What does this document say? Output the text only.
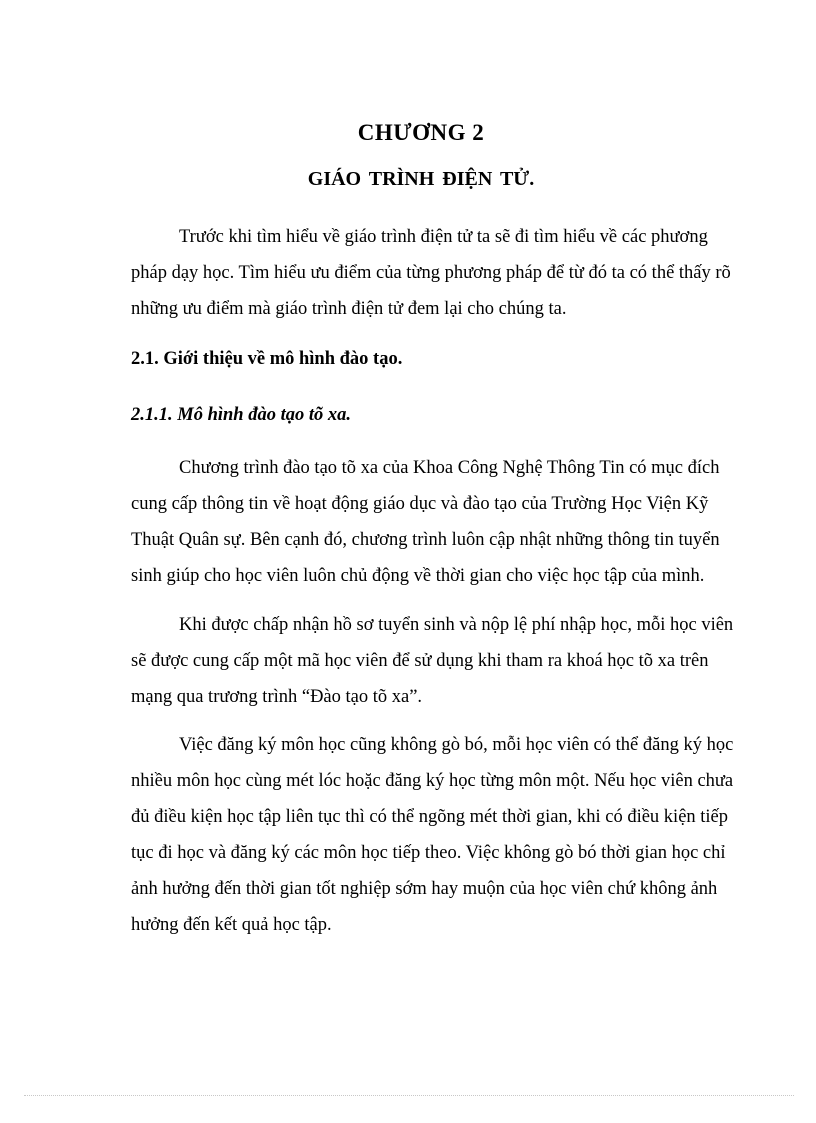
CHƯƠNG 2
GIÁO TRÌNH ĐIỆN TỬ.

Trước khi tìm hiểu về giáo trình điện tử ta sẽ đi tìm hiểu về các phương pháp dạy học. Tìm hiểu ưu điểm của từng phương pháp để từ đó ta có thể thấy rõ những ưu điểm mà giáo trình điện tử đem lại cho chúng ta.

2.1. Giới thiệu về mô hình đào tạo.

2.1.1. Mô hình đào tạo tõ xa.

Chương trình đào tạo tõ xa của Khoa Công Nghệ Thông Tin có mục đích cung cấp thông tin về hoạt động giáo dục và đào tạo của Trường Học Viện Kỹ Thuật Quân sự. Bên cạnh đó, chương trình luôn cập nhật những thông tin tuyển sinh giúp cho học viên luôn chủ động về thời gian cho việc học tập của mình.

Khi được chấp nhận hồ sơ tuyển sinh và nộp lệ phí nhập học, mỗi học viên sẽ được cung cấp một mã học viên để sử dụng khi tham ra khoá học tõ xa trên mạng qua trương trình “Đào tạo tõ xa”.

Việc đăng ký môn học cũng không gò bó, mỗi học viên có thể đăng ký học nhiều môn học cùng mét lóc hoặc đăng ký học từng môn một. Nếu học viên chưa đủ điều kiện học tập liên tục thì có thể ngõng mét thời gian, khi có điều kiện tiếp tục đi học và đăng ký các môn học tiếp theo. Việc không gò bó thời gian học chỉ ảnh hưởng đến thời gian tốt nghiệp sớm hay muộn của học viên chứ không ảnh hưởng đến kết quả học tập.
